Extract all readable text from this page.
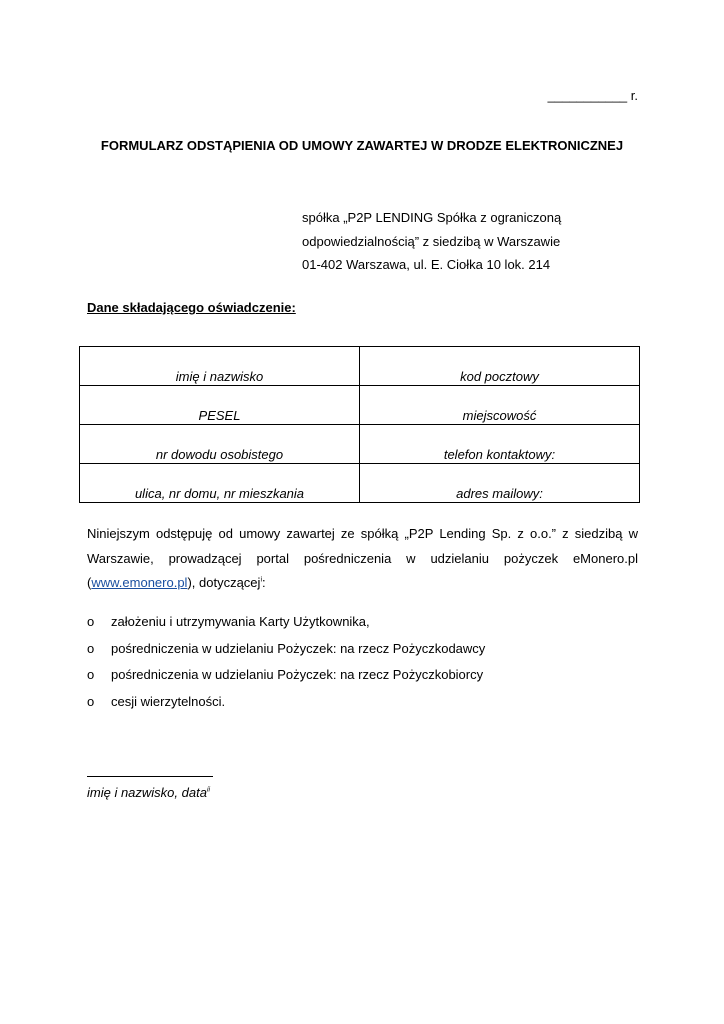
___________ r.
FORMULARZ ODSTĄPIENIA OD UMOWY ZAWARTEJ W DRODZE ELEKTRONICZNEJ
spółka „P2P LENDING Spółka z ograniczoną
odpowiedzialnością” z siedzibą w Warszawie
01-402 Warszawa, ul. E. Ciołka 10 lok. 214
Dane składającego oświadczenie:
imię i nazwisko	kod pocztowy
PESEL	miejscowość
nr dowodu osobistego	telefon kontaktowy:
ulica, nr domu, nr mieszkania	adres mailowy:
Niniejszym odstępuję od umowy zawartej ze spółką „P2P Lending Sp. z o.o.” z siedzibą w Warszawie, prowadzącej portal pośredniczenia w udzielaniu pożyczek eMonero.pl (www.emonero.pl), dotyczącej$^i$:
o	założeniu i utrzymywania Karty Użytkownika,
o	pośredniczenia w udzielaniu Pożyczek: na rzecz Pożyczkodawcy
o	pośredniczenia w udzielaniu Pożyczek: na rzecz Pożyczkobiorcy
o	cesji wierzytelności.
imię i nazwisko, data$^{ii}$
